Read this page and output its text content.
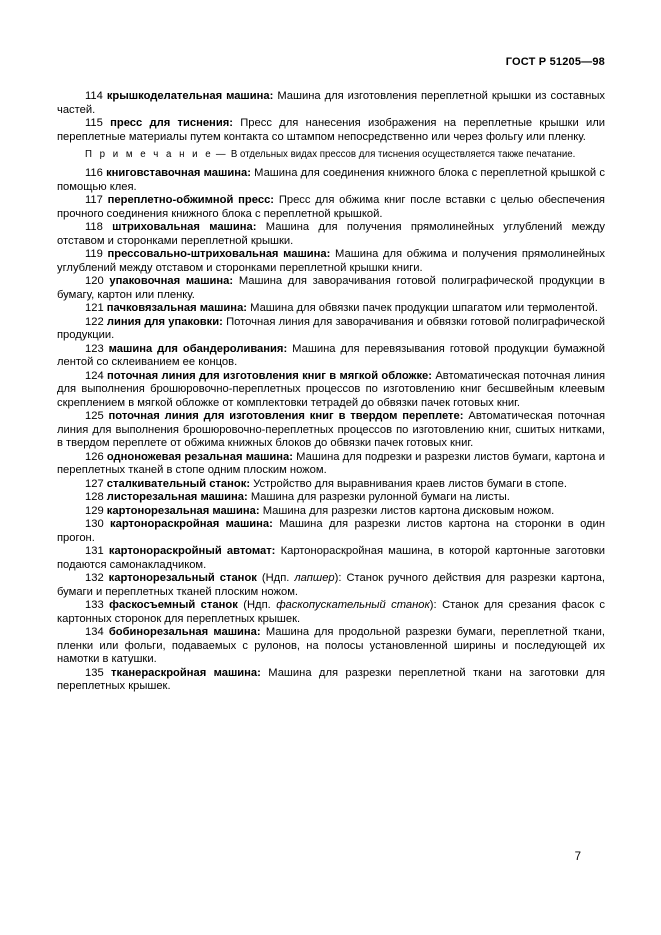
ГОСТ Р 51205—98

114 крышкоделательная машина: Машина для изготовления переплетной крышки из составных частей.

115 пресс для тиснения: Пресс для нанесения изображения на переплетные крышки или переплетные материалы путем контакта со штампом непосредственно или через фольгу или пленку.

П р и м е ч а н и е —  В отдельных видах прессов для тиснения осуществляется также печатание.

116 книговставочная машина: Машина для соединения книжного блока с переплетной крышкой с помощью клея.

117 переплетно-обжимной пресс: Пресс для обжима книг после вставки с целью обеспечения прочного соединения книжного блока с переплетной крышкой.

118 штриховальная машина: Машина для получения прямолинейных углублений между отставом и сторонками переплетной крышки.

119 прессовально-штриховальная машина: Машина для обжима и получения прямолинейных углублений между отставом и сторонками переплетной крышки книги.

120 упаковочная машина: Машина для заворачивания готовой полиграфической продукции в бумагу, картон или пленку.

121 пачковязальная машина: Машина для обвязки пачек продукции шпагатом или термолентой.

122 линия для упаковки: Поточная линия для заворачивания и обвязки готовой полиграфической продукции.

123 машина для обандероливания: Машина для перевязывания готовой продукции бумажной лентой со склеиванием ее концов.

124 поточная линия для изготовления книг в мягкой обложке: Автоматическая поточная линия для выполнения брошюровочно-переплетных процессов по изготовлению книг бесшвейным клеевым скреплением в мягкой обложке от комплектовки тетрадей до обвязки пачек готовых книг.

125 поточная линия для изготовления книг в твердом переплете: Автоматическая поточная линия для выполнения брошюровочно-переплетных процессов по изготовлению книг, сшитых нитками, в твердом переплете от обжима книжных блоков до обвязки пачек готовых книг.

126 одноножевая резальная машина: Машина для подрезки и разрезки листов бумаги, картона и переплетных тканей в стопе одним плоским ножом.

127 сталкивательный станок: Устройство для выравнивания краев листов бумаги в стопе.

128 листорезальная машина: Машина для разрезки рулонной бумаги на листы.

129 картонорезальная машина: Машина для разрезки листов картона дисковым ножом.

130 картонораскройная машина: Машина для разрезки листов картона на сторонки в один прогон.

131 картонораскройный автомат: Картонораскройная машина, в которой картонные заготовки подаются самонакладчиком.

132 картонорезальный станок (Ндп. лапшер): Станок ручного действия для разрезки картона, бумаги и переплетных тканей плоским ножом.

133 фаскосъемный станок (Ндп. фаскопускательный станок): Станок для срезания фасок с картонных сторонок для переплетных крышек.

134 бобинорезальная машина: Машина для продольной разрезки бумаги, переплетной ткани, пленки или фольги, подаваемых с рулонов, на полосы установленной ширины и последующей их намотки в катушки.

135 тканераскройная машина: Машина для разрезки переплетной ткани на заготовки для переплетных крышек.

7
